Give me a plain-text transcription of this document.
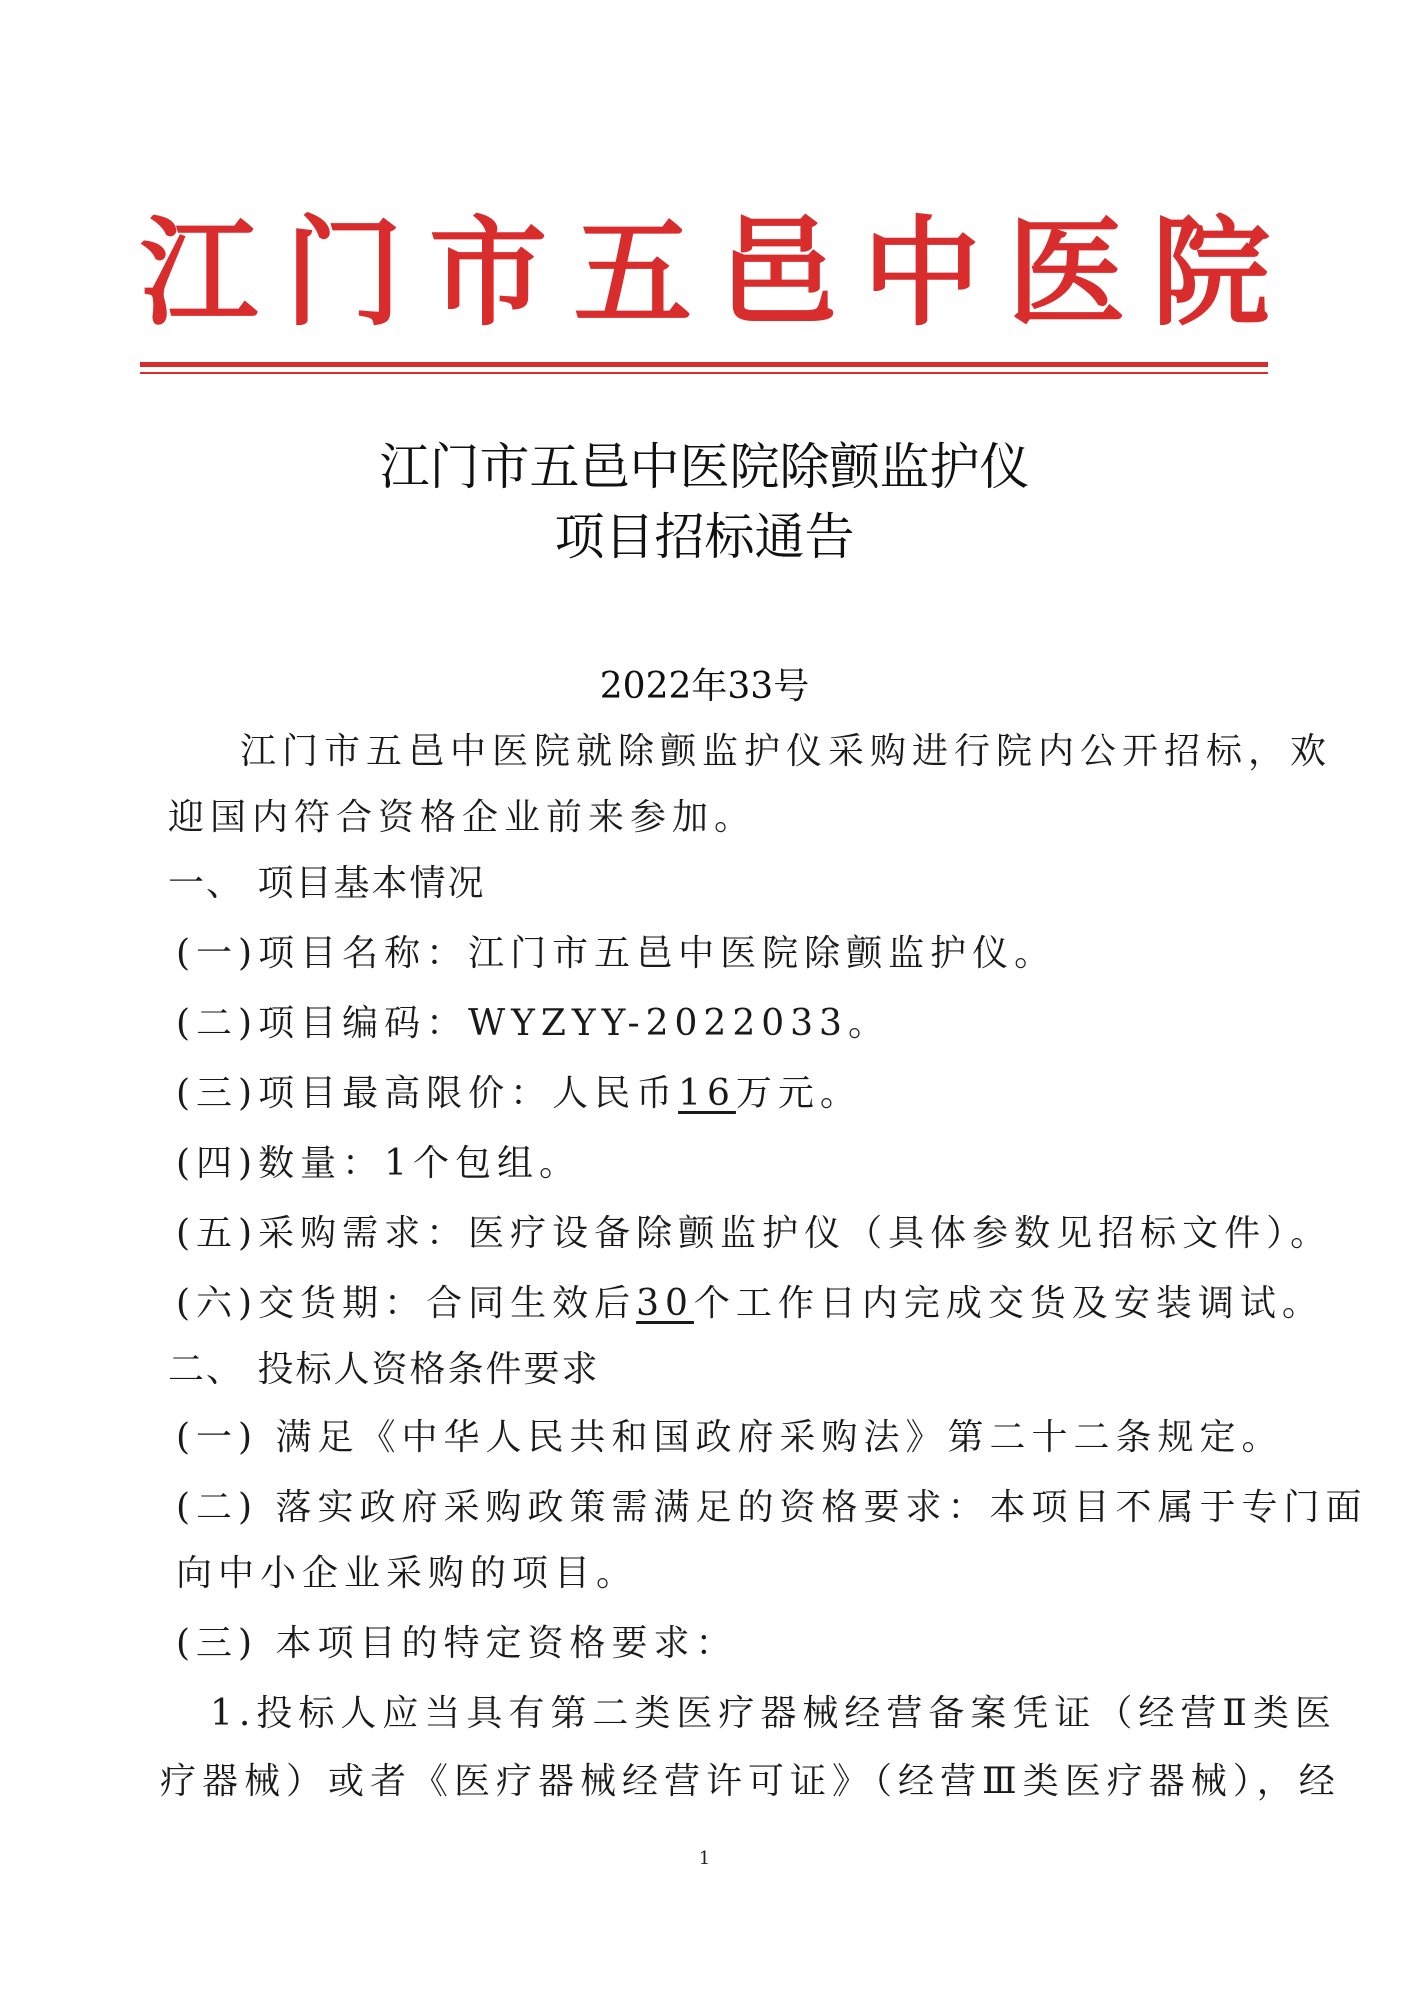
江 门 市 五 邑 中 医 院
江门市五邑中医院除颤监护仪
项目招标通告
2022年33号
江门市五邑中医院就除颤监护仪采购进行院内公开招标，欢
迎国内符合资格企业前来参加。
一、 项目基本情况
(一)项目名称：江门市五邑中医院除颤监护仪。
(二)项目编码：WYZYY-2022033。
(三)项目最高限价：人民币16万元。
(四)数量：1个包组。
(五)采购需求：医疗设备除颤监护仪（具体参数见招标文件）。
(六)交货期：合同生效后30个工作日内完成交货及安装调试。
二、 投标人资格条件要求
(一) 满足《中华人民共和国政府采购法》第二十二条规定。
(二) 落实政府采购政策需满足的资格要求：本项目不属于专门面
向中小企业采购的项目。
(三) 本项目的特定资格要求：
1.投标人应当具有第二类医疗器械经营备案凭证（经营Ⅱ类医
疗器械）或者《医疗器械经营许可证》（经营Ⅲ类医疗器械），经
1
